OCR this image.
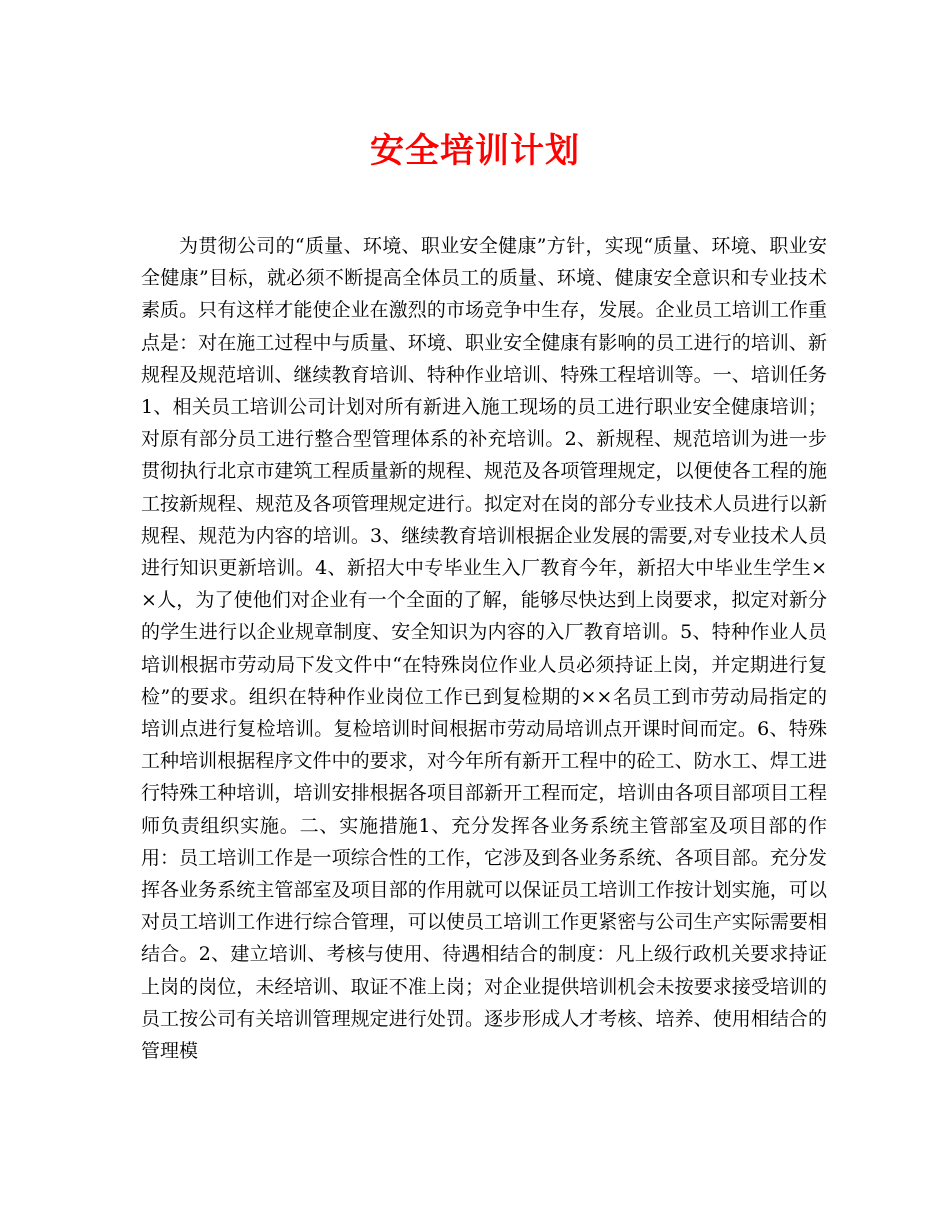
安全培训计划

为贯彻公司的“质量、环境、职业安全健康”方针，实现“质量、环境、职业安全健康”目标，就必须不断提高全体员工的质量、环境、健康安全意识和专业技术素质。只有这样才能使企业在激烈的市场竞争中生存，发展。企业员工培训工作重点是：对在施工过程中与质量、环境、职业安全健康有影响的员工进行的培训、新规程及规范培训、继续教育培训、特种作业培训、特殊工程培训等。一、培训任务1、相关员工培训公司计划对所有新进入施工现场的员工进行职业安全健康培训；对原有部分员工进行整合型管理体系的补充培训。2、新规程、规范培训为进一步贯彻执行北京市建筑工程质量新的规程、规范及各项管理规定，以便使各工程的施工按新规程、规范及各项管理规定进行。拟定对在岗的部分专业技术人员进行以新规程、规范为内容的培训。3、继续教育培训根据企业发展的需要,对专业技术人员进行知识更新培训。4、新招大中专毕业生入厂教育今年，新招大中毕业生学生××人，为了使他们对企业有一个全面的了解，能够尽快达到上岗要求，拟定对新分的学生进行以企业规章制度、安全知识为内容的入厂教育培训。5、特种作业人员培训根据市劳动局下发文件中“在特殊岗位作业人员必须持证上岗，并定期进行复检”的要求。组织在特种作业岗位工作已到复检期的××名员工到市劳动局指定的培训点进行复检培训。复检培训时间根据市劳动局培训点开课时间而定。6、特殊工种培训根据程序文件中的要求，对今年所有新开工程中的砼工、防水工、焊工进行特殊工种培训，培训安排根据各项目部新开工程而定，培训由各项目部项目工程师负责组织实施。二、实施措施1、充分发挥各业务系统主管部室及项目部的作用：员工培训工作是一项综合性的工作，它涉及到各业务系统、各项目部。充分发挥各业务系统主管部室及项目部的作用就可以保证员工培训工作按计划实施，可以对员工培训工作进行综合管理，可以使员工培训工作更紧密与公司生产实际需要相结合。2、建立培训、考核与使用、待遇相结合的制度：凡上级行政机关要求持证上岗的岗位，未经培训、取证不准上岗；对企业提供培训机会未按要求接受培训的员工按公司有关培训管理规定进行处罚。逐步形成人才考核、培养、使用相结合的管理模
